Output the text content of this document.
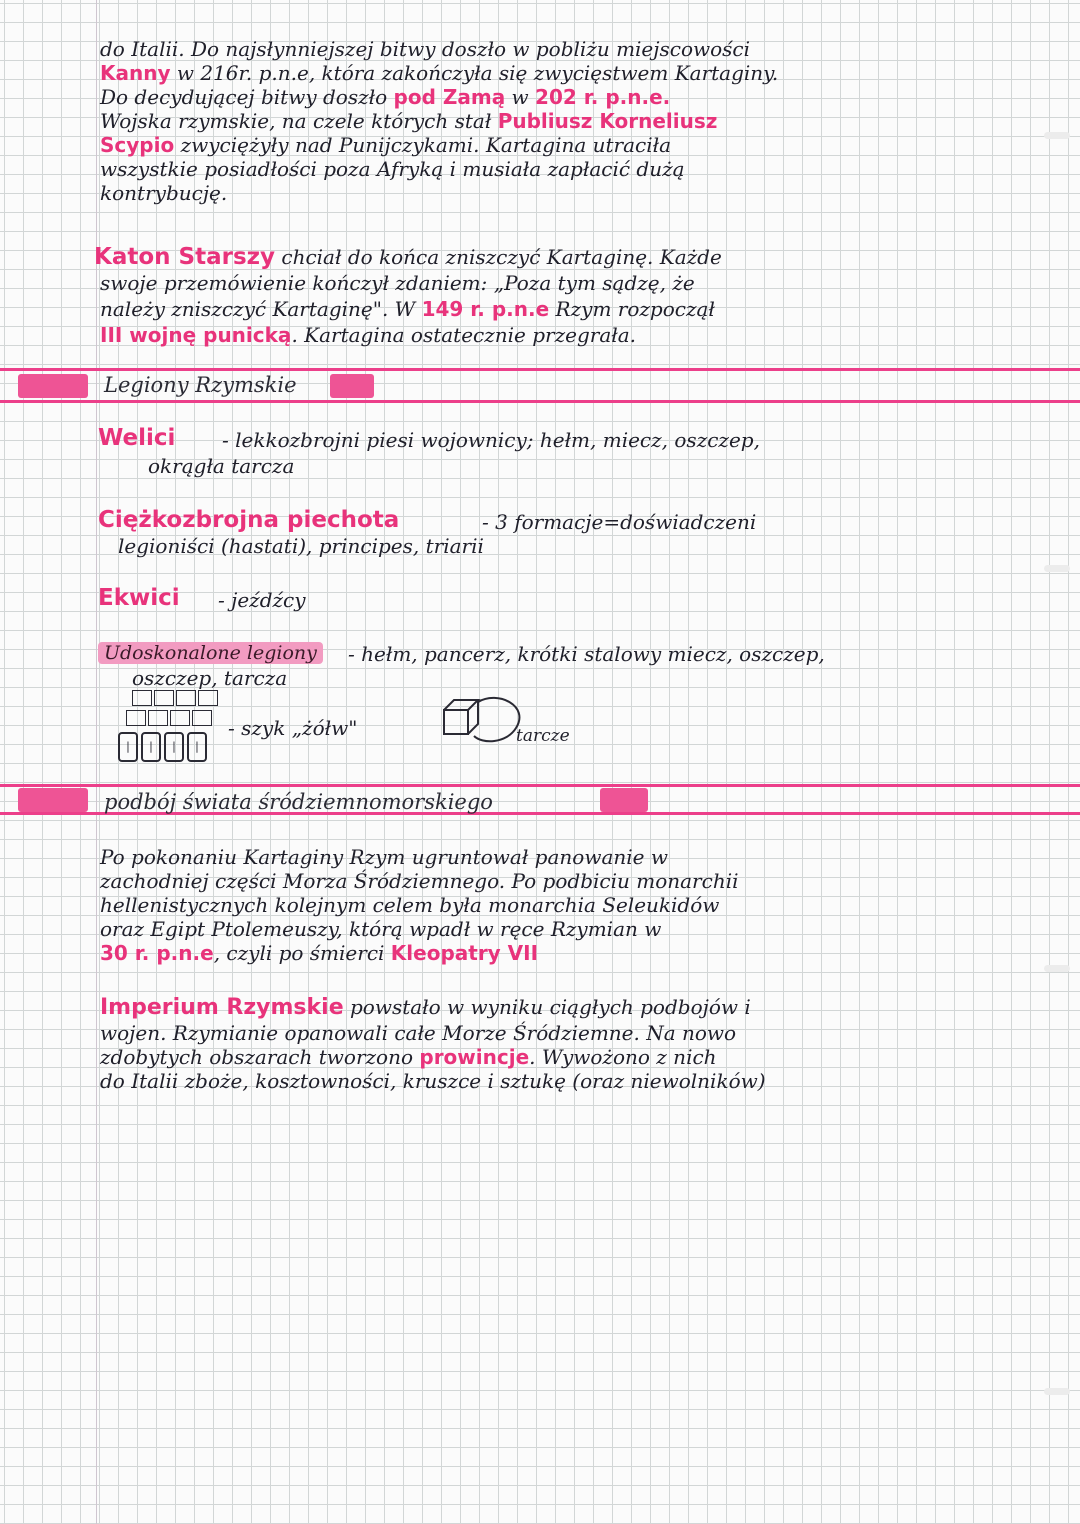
do Italii. Do najsłynniejszej bitwy doszło w pobliżu miejscowości
Kanny w 216r. p.n.e, która zakończyła się zwycięstwem Kartaginy.
Do decydującej bitwy doszło pod Zamą w 202 r. p.n.e.
Wojska rzymskie, na czele których stał Publiusz Korneliusz
Scypio zwyciężyły nad Punijczykami. Kartagina utraciła
wszystkie posiadłości poza Afryką i musiała zapłacić dużą
kontrybucję.
Katon Starszy chciał do końca zniszczyć Kartaginę. Każde
swoje przemówienie kończył zdaniem: „Poza tym sądzę, że
należy zniszczyć Kartaginę". W 149 r. p.n.e Rzym rozpoczął
III wojnę punicką. Kartagina ostatecznie przegrała.
Legiony Rzymskie
Welici - lekkozbrojni piesi wojownicy; hełm, miecz, oszczep,
okrągła tarcza
Ciężkozbrojna piechota	- 3 formacje=doświadczeni
legioniści (hastati), principes, triarii
Ekwici - jeźdźcy
Udoskonalone legiony	- hełm, pancerz, krótki stalowy miecz, oszczep,
oszczep, tarcza
| | | |
- szyk „żółw"	tarcze
podbój świata śródziemnomorskiego
Po pokonaniu Kartaginy Rzym ugruntował panowanie w
zachodniej części Morza Śródziemnego. Po podbiciu monarchii
hellenistycznych kolejnym celem była monarchia Seleukidów
oraz Egipt Ptolemeuszy, którą wpadł w ręce Rzymian w
30 r. p.n.e, czyli po śmierci Kleopatry VII
Imperium Rzymskie powstało w wyniku ciągłych podbojów i
wojen. Rzymianie opanowali całe Morze Śródziemne. Na nowo
zdobytych obszarach tworzono prowincje. Wywożono z nich
do Italii zboże, kosztowności, kruszce i sztukę (oraz niewolników)
